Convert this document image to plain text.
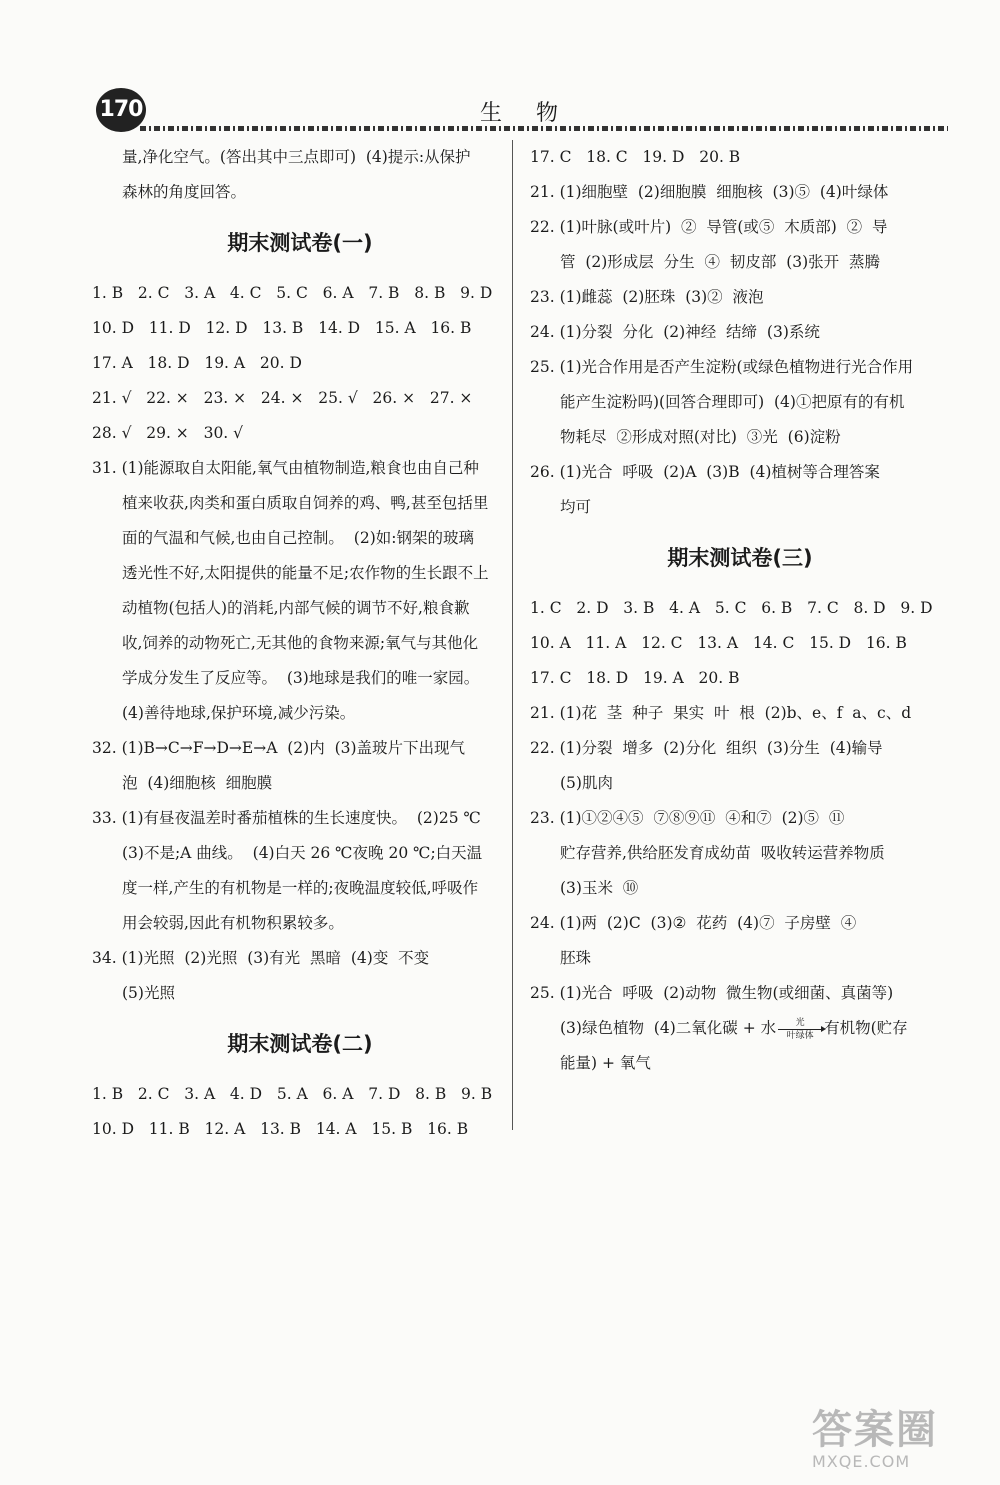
170	生物
量,净化空气。(答出其中三点即可)  (4)提示:从保护
森林的角度回答。
期末测试卷(一)
1. B   2. C   3. A   4. C   5. C   6. A   7. B   8. B   9. D
10. D   11. D   12. D   13. B   14. D   15. A   16. B
17. A   18. D   19. A   20. D
21. √   22. ×   23. ×   24. ×   25. √   26. ×   27. ×
28. √   29. ×   30. √
31. (1)能源取自太阳能,氧气由植物制造,粮食也由自己种
植来收获,肉类和蛋白质取自饲养的鸡、鸭,甚至包括里
面的气温和气候,也由自己控制。  (2)如:钢架的玻璃
透光性不好,太阳提供的能量不足;农作物的生长跟不上
动植物(包括人)的消耗,内部气候的调节不好,粮食歉
收,饲养的动物死亡,无其他的食物来源;氧气与其他化
学成分发生了反应等。  (3)地球是我们的唯一家园。
(4)善待地球,保护环境,减少污染。
32. (1)B→C→F→D→E→A  (2)内  (3)盖玻片下出现气
泡  (4)细胞核  细胞膜
33. (1)有昼夜温差时番茄植株的生长速度快。  (2)25 ℃
(3)不是;A 曲线。  (4)白天 26 ℃夜晚 20 ℃;白天温
度一样,产生的有机物是一样的;夜晚温度较低,呼吸作
用会较弱,因此有机物积累较多。
34. (1)光照  (2)光照  (3)有光  黑暗  (4)变  不变
(5)光照
期末测试卷(二)
1. B   2. C   3. A   4. D   5. A   6. A   7. D   8. B   9. B
10. D   11. B   12. A   13. B   14. A   15. B   16. B
17. C   18. C   19. D   20. B
21. (1)细胞壁  (2)细胞膜  细胞核  (3)⑤  (4)叶绿体
22. (1)叶脉(或叶片)  ②  导管(或⑤  木质部)  ②  导
管  (2)形成层  分生  ④  韧皮部  (3)张开  蒸腾
23. (1)雌蕊  (2)胚珠  (3)②  液泡
24. (1)分裂  分化  (2)神经  结缔  (3)系统
25. (1)光合作用是否产生淀粉(或绿色植物进行光合作用
能产生淀粉吗)(回答合理即可)  (4)①把原有的有机
物耗尽  ②形成对照(对比)  ③光  (6)淀粉
26. (1)光合  呼吸  (2)A  (3)B  (4)植树等合理答案
均可
期末测试卷(三)
1. C   2. D   3. B   4. A   5. C   6. B   7. C   8. D   9. D
10. A   11. A   12. C   13. A   14. C   15. D   16. B
17. C   18. D   19. A   20. B
21. (1)花  茎  种子  果实  叶  根  (2)b、e、f  a、c、d
22. (1)分裂  增多  (2)分化  组织  (3)分生  (4)输导
(5)肌肉
23. (1)①②④⑤  ⑦⑧⑨⑪  ④和⑦  (2)⑤  ⑪
贮存营养,供给胚发育成幼苗  吸收转运营养物质
(3)玉米  ⑩
24. (1)两  (2)C  (3)②  花药  (4)⑦  子房壁  ④
胚珠
25. (1)光合  呼吸  (2)动物  微生物(或细菌、真菌等)
(3)绿色植物  (4)二氧化碳 + 水 $\frac{\text{光}}{\text{叶绿体}}$ 有机物(贮存
能量) + 氧气
答案圈
MXQE.COM
